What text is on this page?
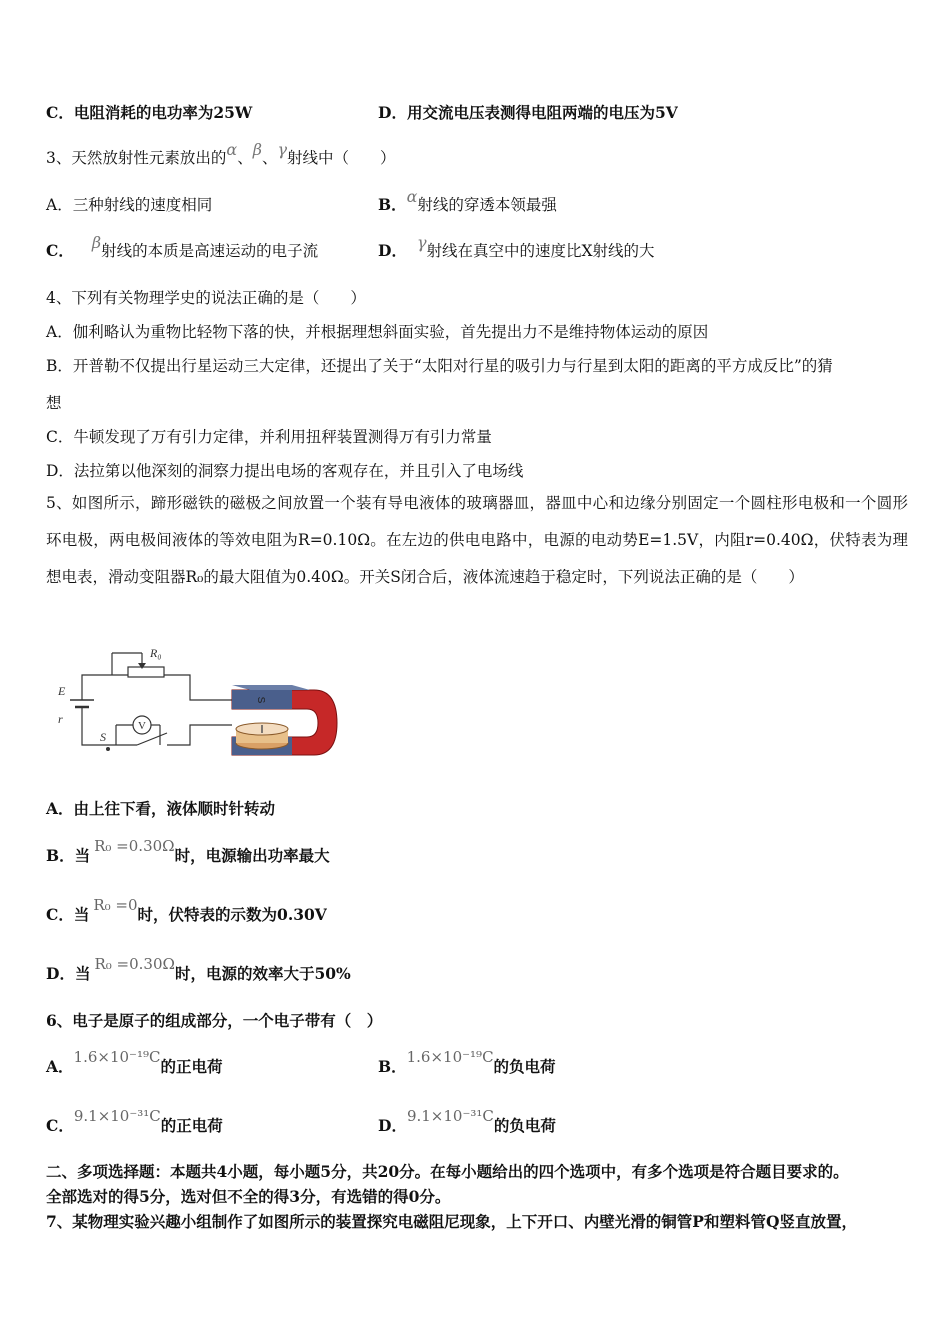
C．电阻消耗的电功率为25W	D．用交流电压表测得电阻两端的电压为5V
3、天然放射性元素放出的α、β、γ射线中（　　）
A．三种射线的速度相同	B．α射线的穿透本领最强
C． β射线的本质是高速运动的电子流	D． γ射线在真空中的速度比X射线的大
4、下列有关物理学史的说法正确的是（　　）
A．伽利略认为重物比轻物下落的快，并根据理想斜面实验，首先提出力不是维持物体运动的原因
B．开普勒不仅提出行星运动三大定律，还提出了关于“太阳对行星的吸引力与行星到太阳的距离的平方成反比”的猜
想
C．牛顿发现了万有引力定律，并利用扭秤装置测得万有引力常量
D．法拉第以他深刻的洞察力提出电场的客观存在，并且引入了电场线
5、如图所示，蹄形磁铁的磁极之间放置一个装有导电液体的玻璃器皿，器皿中心和边缘分别固定一个圆柱形电极和一个圆形环电极，两电极间液体的等效电阻为R=0.10Ω。在左边的供电电路中，电源的电动势E=1.5V，内阻r=0.40Ω，伏特表为理想电表，滑动变阻器R₀的最大阻值为0.40Ω。开关S闭合后，液体流速趋于稳定时，下列说法正确的是（　　）
V
R₀
E
r
S
S
A．由上往下看，液体顺时针转动
B．当 R₀ =0.30Ω时，电源输出功率最大
C．当 R₀ =0时，伏特表的示数为0.30V
D．当 R₀ =0.30Ω时，电源的效率大于50%
6、电子是原子的组成部分，一个电子带有（　）
A．1.6×10⁻¹⁹C的正电荷	B．1.6×10⁻¹⁹C的负电荷
C．9.1×10⁻³¹C的正电荷	D．9.1×10⁻³¹C的负电荷
二、多项选择题：本题共4小题，每小题5分，共20分。在每小题给出的四个选项中，有多个选项是符合题目要求的。
全部选对的得5分，选对但不全的得3分，有选错的得0分。
7、某物理实验兴趣小组制作了如图所示的装置探究电磁阻尼现象，上下开口、内壁光滑的铜管P和塑料管Q竖直放置，
